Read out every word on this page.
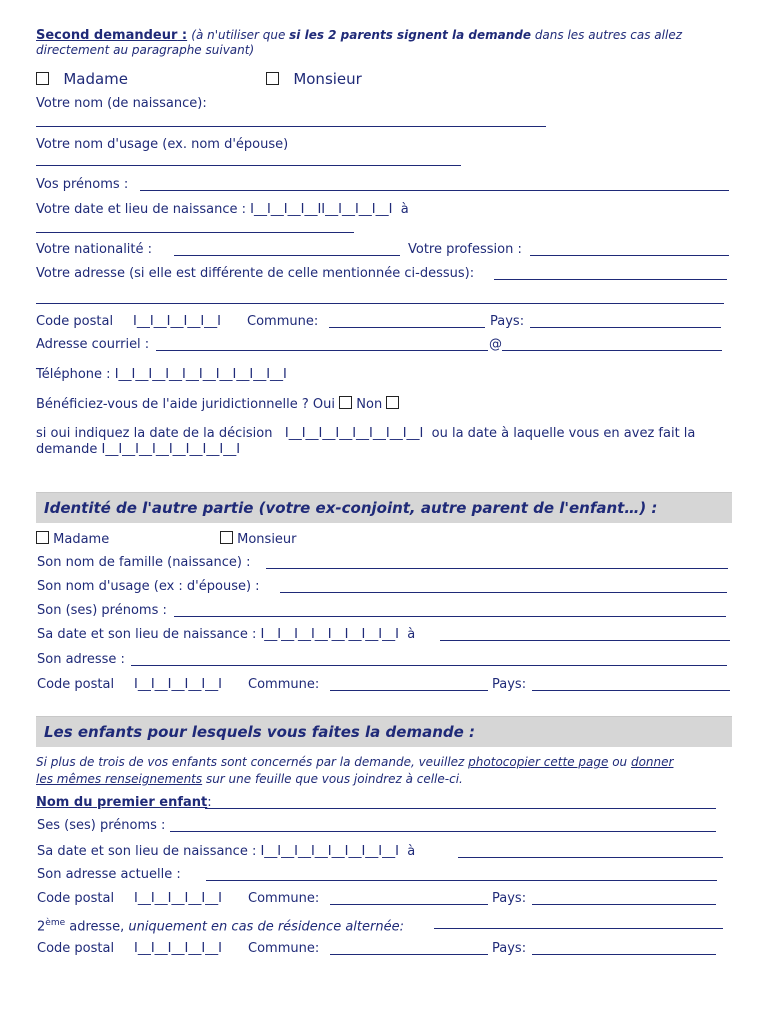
Second demandeur : (à n'utiliser que si les 2 parents signent la demande dans les autres cas allez
directement au paragraphe suivant)
Madame	Monsieur
Votre nom (de naissance):
Votre nom d'usage (ex. nom d'épouse)
Vos prénoms :
Votre date et lieu de naissance : I__I__I__I__II__I__I__I__I à
Votre nationalité :	Votre profession :
Votre adresse (si elle est différente de celle mentionnée ci-dessus):
Code postal I__I__I__I__I__I Commune:	Pays:
Adresse courriel :	@
Téléphone : I__I__I__I__I__I__I__I__I__I__I
Bénéficiez-vous de l'aide juridictionnelle ? Oui Non
si oui indiquez la date de la décision I__I__I__I__I__I__I__I__I ou la date à laquelle vous en avez fait la
demande I__I__I__I__I__I__I__I__I
Identité de l'autre partie (votre ex-conjoint, autre parent de l'enfant…) :
Madame	Monsieur
Son nom de famille (naissance) :
Son nom d'usage (ex : d'épouse) :
Son (ses) prénoms :
Sa date et son lieu de naissance : I__I__I__I__I__I__I__I__I à
Son adresse :
Code postal I__I__I__I__I__I Commune:	Pays:
Les enfants pour lesquels vous faites la demande :
Si plus de trois de vos enfants sont concernés par la demande, veuillez photocopier cette page ou donner
les mêmes renseignements sur une feuille que vous joindrez à celle-ci.
Nom du premier enfant:
Ses (ses) prénoms :
Sa date et son lieu de naissance : I__I__I__I__I__I__I__I__I à
Son adresse actuelle :
Code postal I__I__I__I__I__I Commune:	Pays:
2ème adresse, uniquement en cas de résidence alternée:
Code postal I__I__I__I__I__I Commune:	Pays:
